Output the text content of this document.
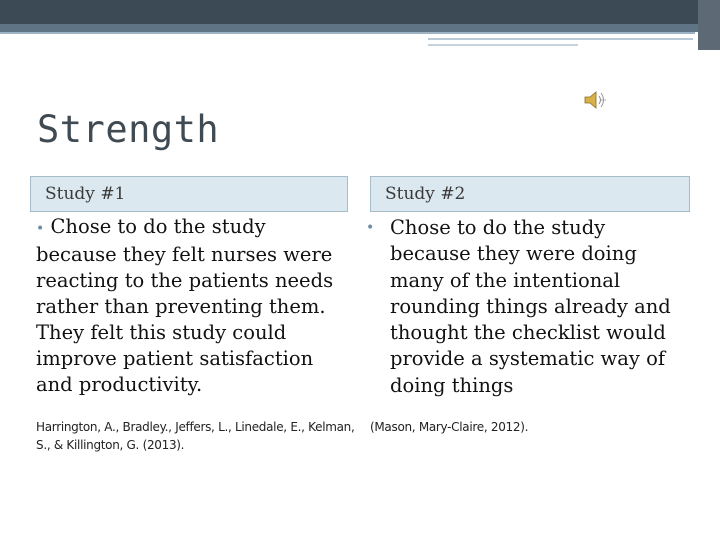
Strength
Study #1	Study #2
• Chose to do the study because they felt nurses were reacting to the patients needs rather than preventing them. They felt this study could improve patient satisfaction and productivity.
• Chose to do the study because they were doing many of the intentional rounding things already and thought the checklist would provide a systematic way of doing things
Harrington, A., Bradley., Jeffers, L., Linedale, E., Kelman, S., & Killington, G. (2013).
(Mason, Mary-Claire, 2012).
